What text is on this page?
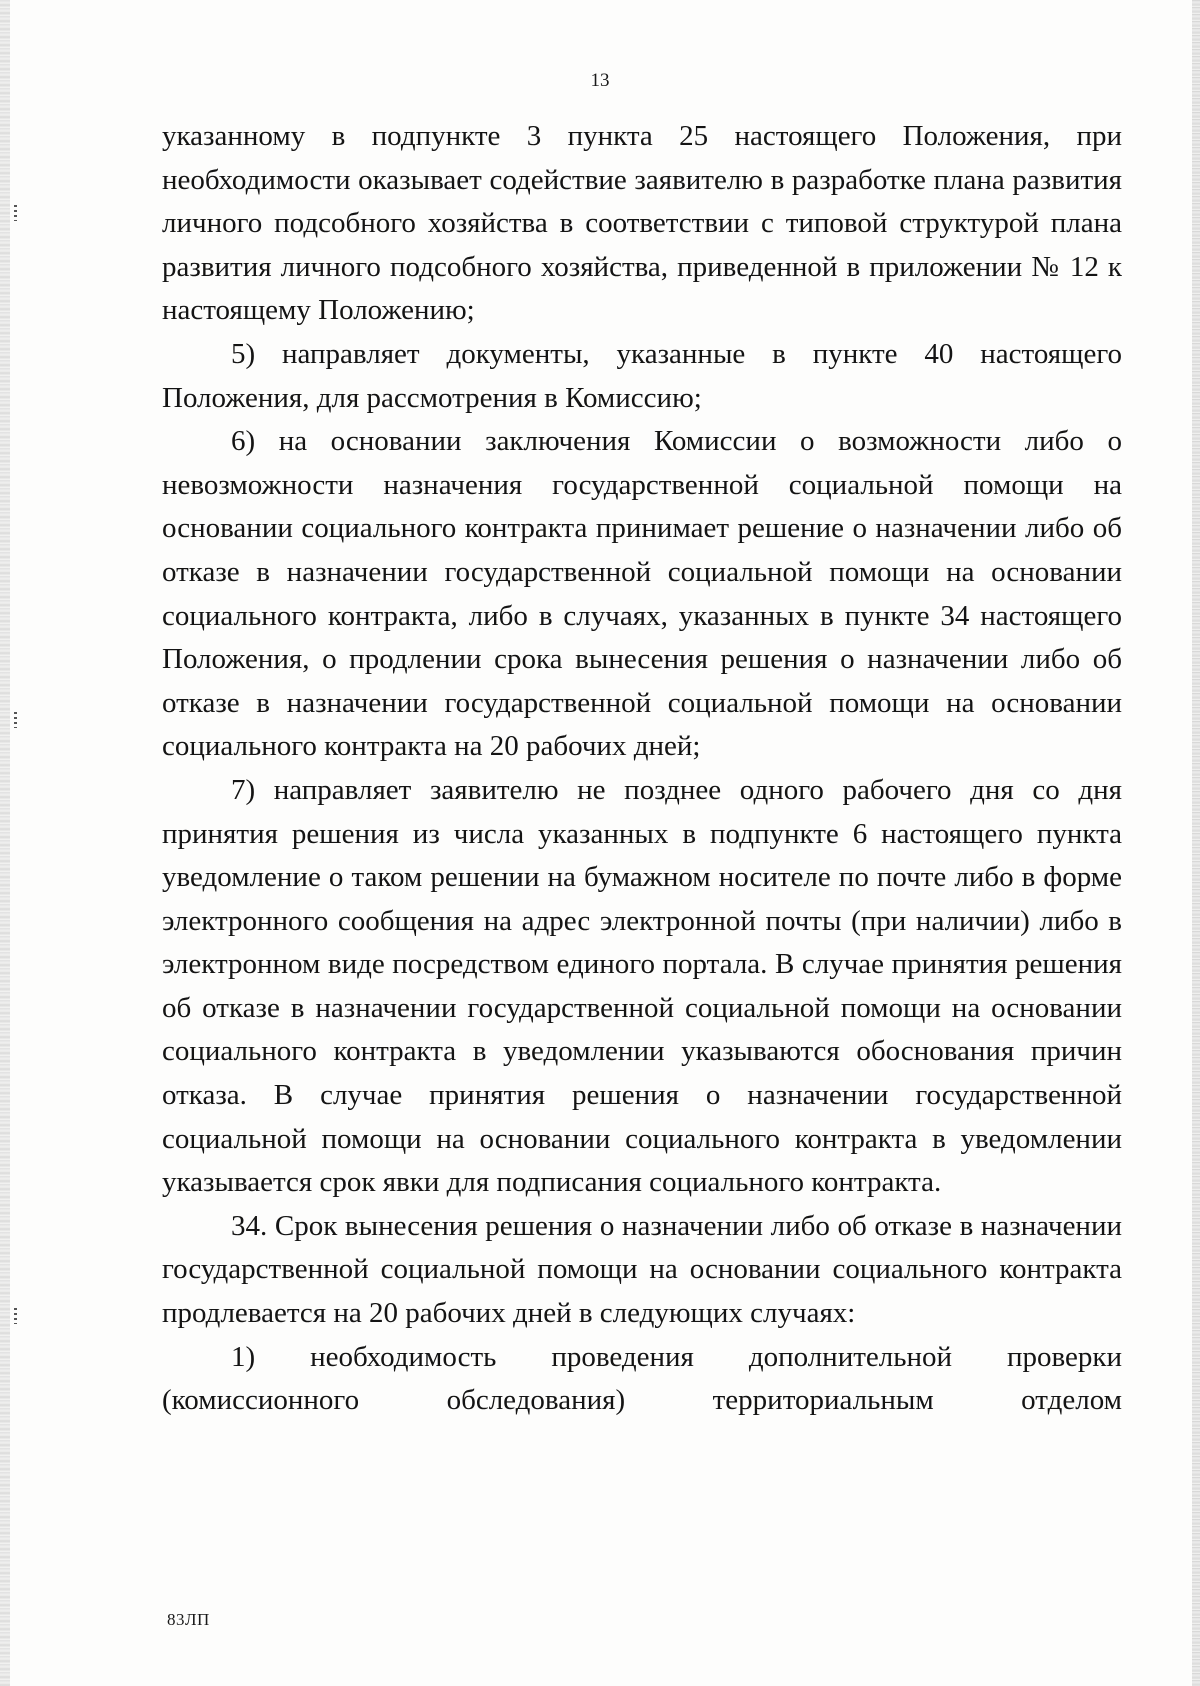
13

указанному в подпункте 3 пункта 25 настоящего Положения, при необходимости оказывает содействие заявителю в разработке плана развития личного подсобного хозяйства в соответствии с типовой структурой плана развития личного подсобного хозяйства, приведенной в приложении № 12 к настоящему Положению;

5) направляет документы, указанные в пункте 40 настоящего Положения, для рассмотрения в Комиссию;

6) на основании заключения Комиссии о возможности либо о невозможности назначения государственной социальной помощи на основании социального контракта принимает решение о назначении либо об отказе в назначении государственной социальной помощи на основании социального контракта, либо в случаях, указанных в пункте 34 настоящего Положения, о продлении срока вынесения решения о назначении либо об отказе в назначении государственной социальной помощи на основании социального контракта на 20 рабочих дней;

7) направляет заявителю не позднее одного рабочего дня со дня принятия решения из числа указанных в подпункте 6 настоящего пункта уведомление о таком решении на бумажном носителе по почте либо в форме электронного сообщения на адрес электронной почты (при наличии) либо в электронном виде посредством единого портала. В случае принятия решения об отказе в назначении государственной социальной помощи на основании социального контракта в уведомлении указываются обоснования причин отказа. В случае принятия решения о назначении государственной социальной помощи на основании социального контракта в уведомлении указывается срок явки для подписания социального контракта.

34. Срок вынесения решения о назначении либо об отказе в назначении государственной социальной помощи на основании социального контракта продлевается на 20 рабочих дней в следующих случаях:

1) необходимость проведения дополнительной проверки (комиссионного обследования) территориальным отделом

83ЛП
